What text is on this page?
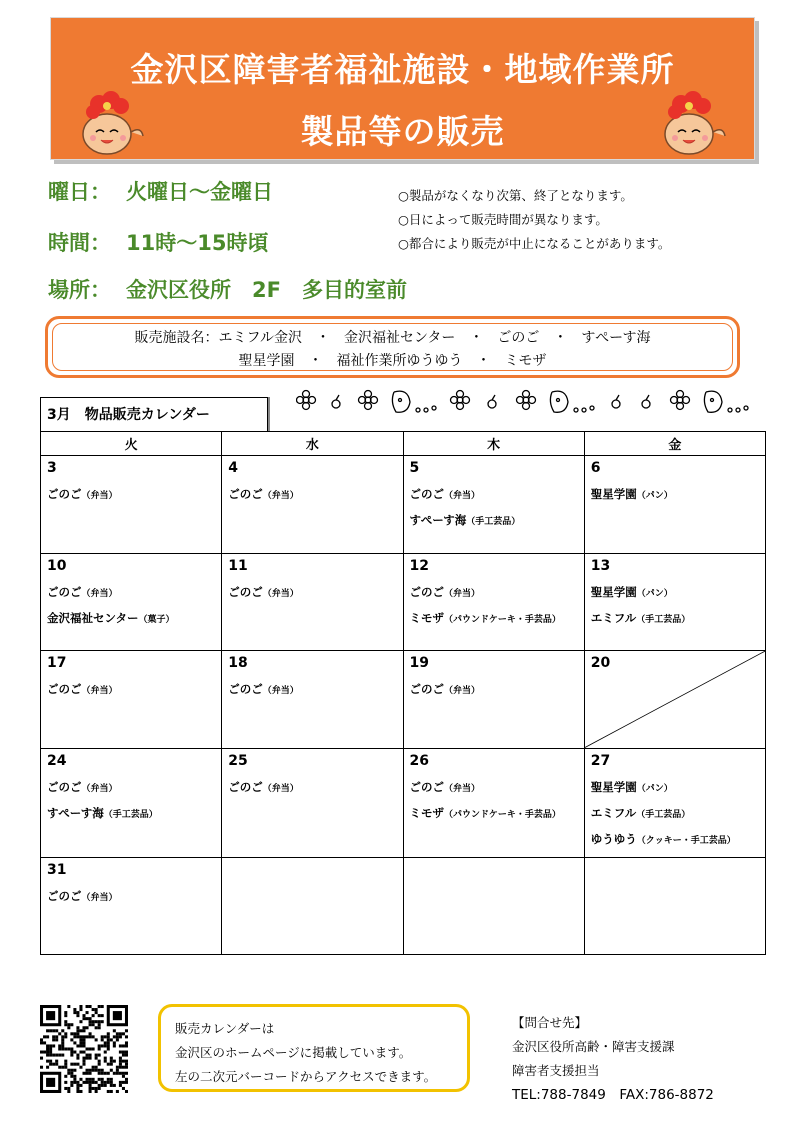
金沢区障害者福祉施設・地域作業所
製品等の販売
曜日： 火曜日～金曜日
時間： 11時～15時頃
場所： 金沢区役所　2F　多目的室前
○製品がなくなり次第、終了となります。
○日によって販売時間が異なります。
○都合により販売が中止になることがあります。
販売施設名：エミフル金沢　・　金沢福祉センター　・　ごのご　・　すぺーす海
聖星学園　・　福祉作業所ゆうゆう　・　ミモザ
3月　物品販売カレンダー
火	水	木	金

3
ごのご（弁当）	4
ごのご（弁当）	5
ごのご（弁当）
すぺーす海（手工芸品）	6
聖星学園（パン）

10
ごのご（弁当）
金沢福祉センター（菓子）	11
ごのご（弁当）	12
ごのご（弁当）
ミモザ（パウンドケーキ・手芸品）	13
聖星学園（パン）
エミフル（手工芸品）

17
ごのご（弁当）	18
ごのご（弁当）	19
ごのご（弁当）	20

24
ごのご（弁当）
すぺーす海（手工芸品）	25
ごのご（弁当）	26
ごのご（弁当）
ミモザ（パウンドケーキ・手芸品）	27
聖星学園（パン）
エミフル（手工芸品）
ゆうゆう（クッキー・手工芸品）

31
ごのご（弁当）			

販売カレンダーは
金沢区のホームページに掲載しています。
左の二次元バーコードからアクセスできます。
【問合せ先】
金沢区役所高齢・障害支援課
障害者支援担当
TEL:788-7849　FAX:786-8872
